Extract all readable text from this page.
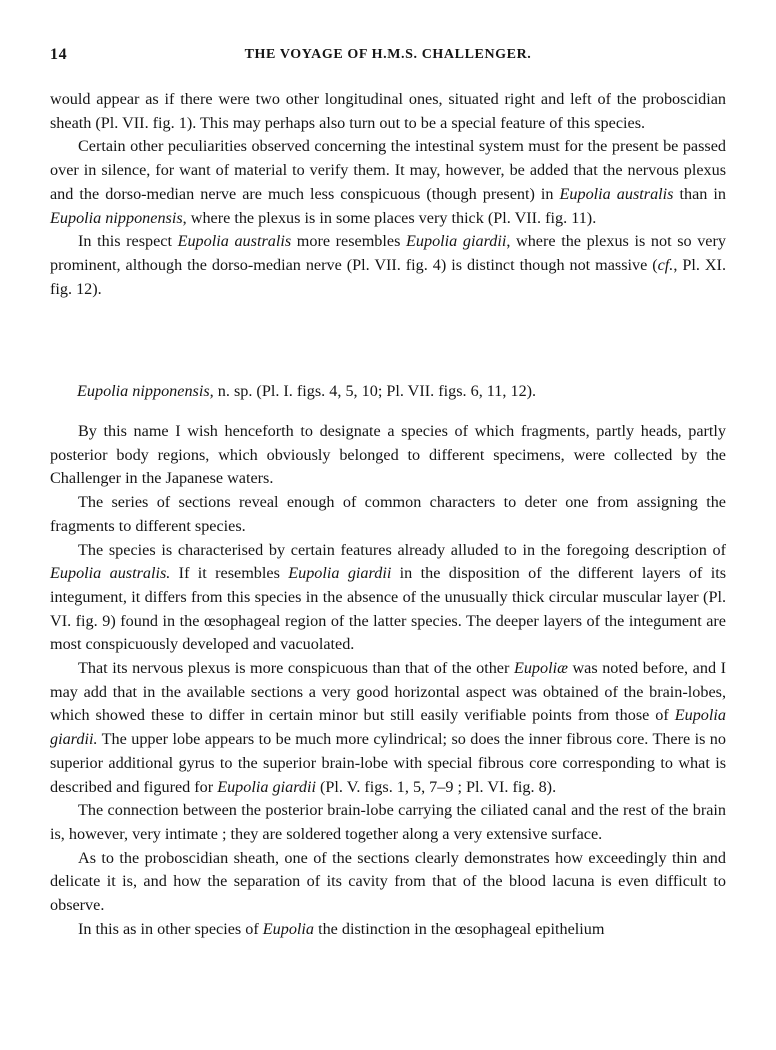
14	THE VOYAGE OF H.M.S. CHALLENGER.

would appear as if there were two other longitudinal ones, situated right and left of the proboscidian sheath (Pl. VII. fig. 1). This may perhaps also turn out to be a special feature of this species.

Certain other peculiarities observed concerning the intestinal system must for the present be passed over in silence, for want of material to verify them. It may, however, be added that the nervous plexus and the dorso-median nerve are much less conspicuous (though present) in Eupolia australis than in Eupolia nipponensis, where the plexus is in some places very thick (Pl. VII. fig. 11).

In this respect Eupolia australis more resembles Eupolia giardii, where the plexus is not so very prominent, although the dorso-median nerve (Pl. VII. fig. 4) is distinct though not massive (cf., Pl. XI. fig. 12).

Eupolia nipponensis, n. sp. (Pl. I. figs. 4, 5, 10; Pl. VII. figs. 6, 11, 12).

By this name I wish henceforth to designate a species of which fragments, partly heads, partly posterior body regions, which obviously belonged to different specimens, were collected by the Challenger in the Japanese waters.

The series of sections reveal enough of common characters to deter one from assigning the fragments to different species.

The species is characterised by certain features already alluded to in the foregoing description of Eupolia australis. If it resembles Eupolia giardii in the disposition of the different layers of its integument, it differs from this species in the absence of the unusually thick circular muscular layer (Pl. VI. fig. 9) found in the œsophageal region of the latter species. The deeper layers of the integument are most conspicuously developed and vacuolated.

That its nervous plexus is more conspicuous than that of the other Eupoliæ was noted before, and I may add that in the available sections a very good horizontal aspect was obtained of the brain-lobes, which showed these to differ in certain minor but still easily verifiable points from those of Eupolia giardii. The upper lobe appears to be much more cylindrical; so does the inner fibrous core. There is no superior additional gyrus to the superior brain-lobe with special fibrous core corresponding to what is described and figured for Eupolia giardii (Pl. V. figs. 1, 5, 7–9 ; Pl. VI. fig. 8).

The connection between the posterior brain-lobe carrying the ciliated canal and the rest of the brain is, however, very intimate ; they are soldered together along a very extensive surface.

As to the proboscidian sheath, one of the sections clearly demonstrates how exceedingly thin and delicate it is, and how the separation of its cavity from that of the blood lacuna is even difficult to observe.

In this as in other species of Eupolia the distinction in the œsophageal epithelium
